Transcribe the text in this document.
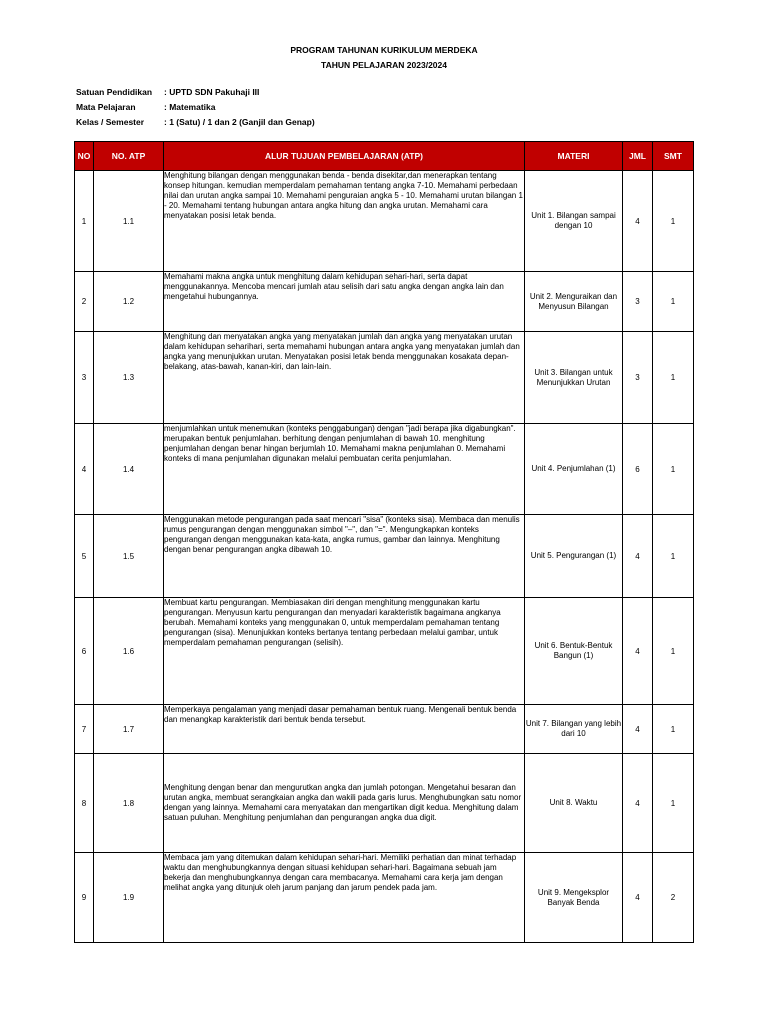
PROGRAM TAHUNAN KURIKULUM MERDEKA
TAHUN PELAJARAN 2023/2024
Satuan Pendidikan : UPTD SDN Pakuhaji III
Mata Pelajaran	: Matematika
Kelas / Semester : 1 (Satu) / 1 dan 2 (Ganjil dan Genap)
NO	NO. ATP	ALUR TUJUAN PEMBELAJARAN (ATP)	MATERI	JML	SMT
1	1.1	Menghitung bilangan dengan menggunakan benda - benda disekitar,dan menerapkan tentang konsep hitungan. kemudian memperdalam pemahaman tentang angka 7-10. Memahami perbedaan nilai dan urutan angka sampai 10. Memahami penguraian angka 5 - 10. Memahami urutan bilangan 1 - 20. Memahami tentang hubungan antara angka hitung dan angka urutan. Memahami cara menyatakan posisi letak benda.	Unit 1. Bilangan sampai dengan 10	4	1
2	1.2	Memahami makna angka untuk menghitung dalam kehidupan sehari-hari, serta dapat menggunakannya. Mencoba mencari jumlah atau selisih dari satu angka dengan angka lain dan mengetahui hubungannya.	Unit 2. Menguraikan dan Menyusun Bilangan	3	1
3	1.3	Menghitung dan menyatakan angka yang menyatakan jumlah dan angka yang menyatakan urutan dalam kehidupan seharihari, serta memahami hubungan antara angka yang menyatakan jumlah dan angka yang menunjukkan urutan. Menyatakan posisi letak benda menggunakan kosakata depan-belakang, atas-bawah, kanan-kiri, dan lain-lain.	Unit 3. Bilangan untuk Menunjukkan Urutan	3	1
4	1.4	menjumlahkan untuk menemukan (konteks penggabungan) dengan "jadi berapa jika digabungkan". merupakan bentuk penjumlahan. berhitung dengan penjumlahan di bawah 10. menghitung penjumlahan dengan benar hingan berjumlah 10. Memahami makna penjumlahan 0. Memahami konteks di mana penjumlahan digunakan melalui pembuatan cerita penjumlahan.	Unit 4. Penjumlahan (1)	6	1
5	1.5	Menggunakan metode pengurangan pada saat mencari "sisa" (konteks sisa). Membaca dan menulis rumus pengurangan dengan menggunakan simbol "–", dan "=". Mengungkapkan konteks pengurangan dengan menggunakan kata-kata, angka rumus, gambar dan lainnya. Menghitung dengan benar pengurangan angka dibawah 10.	Unit 5. Pengurangan (1)	4	1
6	1.6	Membuat kartu pengurangan. Membiasakan diri dengan menghitung menggunakan kartu pengurangan. Menyusun kartu pengurangan dan menyadari karakteristik bagaimana angkanya berubah. Memahami konteks yang menggunakan 0, untuk memperdalam pemahaman tentang pengurangan (sisa). Menunjukkan konteks bertanya tentang perbedaan melalui gambar, untuk memperdalam pemahaman pengurangan (selisih).	Unit 6. Bentuk-Bentuk Bangun (1)	4	1
7	1.7	Memperkaya pengalaman yang menjadi dasar pemahaman bentuk ruang. Mengenali bentuk benda dan menangkap karakteristik dari bentuk benda tersebut.	Unit 7. Bilangan yang lebih dari 10	4	1
8	1.8	Menghitung dengan benar dan mengurutkan angka dan jumlah potongan. Mengetahui besaran dan urutan angka, membuat serangkaian angka dan wakili pada garis lurus. Menghubungkan satu nomor dengan yang lainnya. Memahami cara menyatakan dan mengartikan digit kedua. Menghitung dalam satuan puluhan. Menghitung penjumlahan dan pengurangan angka dua digit.	Unit 8. Waktu	4	1
9	1.9	Membaca jam yang ditemukan dalam kehidupan sehari-hari. Memiliki perhatian dan minat terhadap waktu dan menghubungkannya dengan situasi kehidupan sehari-hari. Bagaimana sebuah jam bekerja dan menghubungkannya dengan cara membacanya. Memahami cara kerja jam dengan melihat angka yang ditunjuk oleh jarum panjang dan jarum pendek pada jam.	Unit 9. Mengeksplor Banyak Benda	4	2
